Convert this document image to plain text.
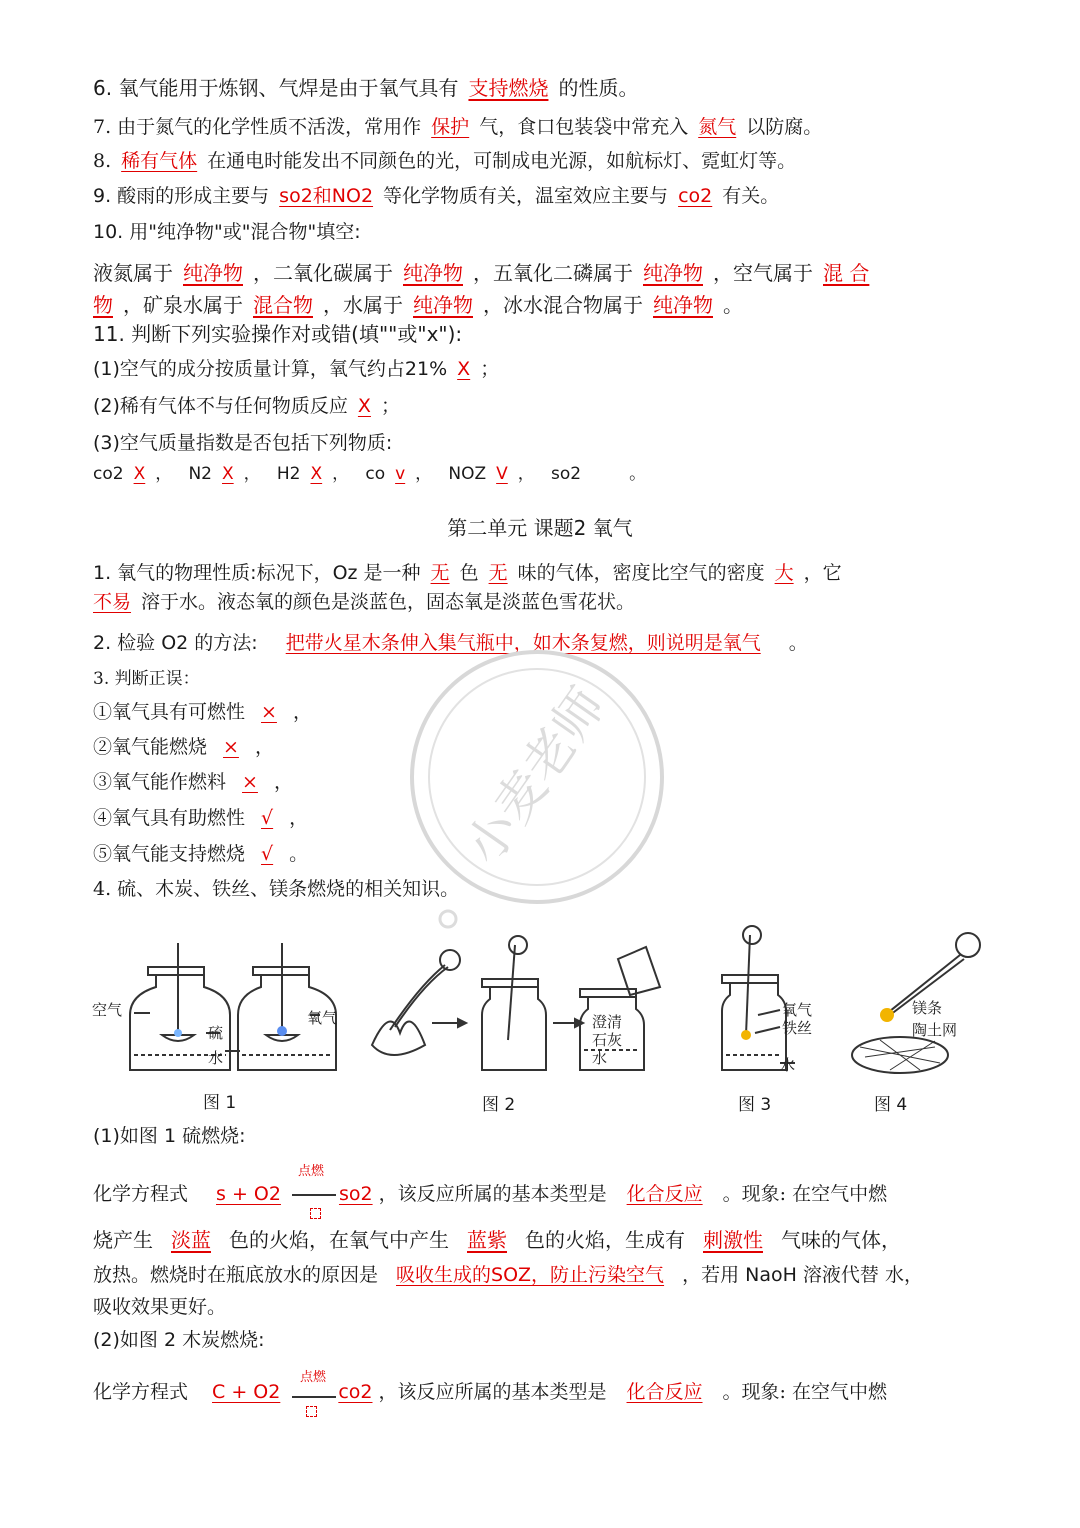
6. 氧气能用于炼钢、气焊是由于氧气具有 支持燃烧 的性质。
7. 由于氮气的化学性质不活泼，常用作 保护 气，食口包装袋中常充入 氮气 以防腐。
8. 稀有气体 在通电时能发出不同颜色的光，可制成电光源，如航标灯、霓虹灯等。
9. 酸雨的形成主要与 so2和NO2 等化学物质有关，温室效应主要与 co2 有关。
10. 用"纯净物"或"混合物"填空:
液氮属于 纯净物 ，二氧化碳属于 纯净物 ，五氧化二磷属于 纯净物 ，空气属于 混 合
物 ，矿泉水属于 混合物 ，水属于 纯净物 ，冰水混合物属于 纯净物 。
11. 判断下列实验操作对或错(填""或"x"):
(1)空气的成分按质量计算，氧气约占21% X ；
(2)稀有气体不与任何物质反应 X ；
(3)空气质量指数是否包括下列物质:
co2 X ， N2 X ， H2 X ， co v ， NOZ V ， so2	。
第二单元 课题2 氧气
1. 氧气的物理性质:标况下，Oz 是一种 无 色 无 味的气体，密度比空气的密度 大 ，它
不易 溶于水。液态氧的颜色是淡蓝色，固态氧是淡蓝色雪花状。
2. 检验 O2 的方法: 把带火星木条伸入集气瓶中，如木条复燃，则说明是氧气 。
3. 判断正误：
①氧气具有可燃性 × ，
②氧气能燃烧 × ，
③氧气能作燃料 × ，
④氧气具有助燃性 √ ，
⑤氧气能支持燃烧 √ 。
4. 硫、木炭、铁丝、镁条燃烧的相关知识。
小麦老师
空气
硫
水
氧气	澄清
石灰
水
氧气
铁丝
水
镁条
陶土网
图 1	图 2	图 3	图 4
(1)如图 1 硫燃烧:
点燃
化学方程式 s + O2	so2 ，该反应所属的基本类型是 化合反应 。现象: 在空气中燃
烧产生 淡蓝 色的火焰，在氧气中产生 蓝紫 色的火焰，生成有 刺激性 气味的气体，
放热。燃烧时在瓶底放水的原因是 吸收生成的SOZ，防止污染空气 ，若用 NaoH 溶液代替 水，
吸收效果更好。
(2)如图 2 木炭燃烧:
点燃
化学方程式 C + O2	co2 ，该反应所属的基本类型是 化合反应 。现象: 在空气中燃
